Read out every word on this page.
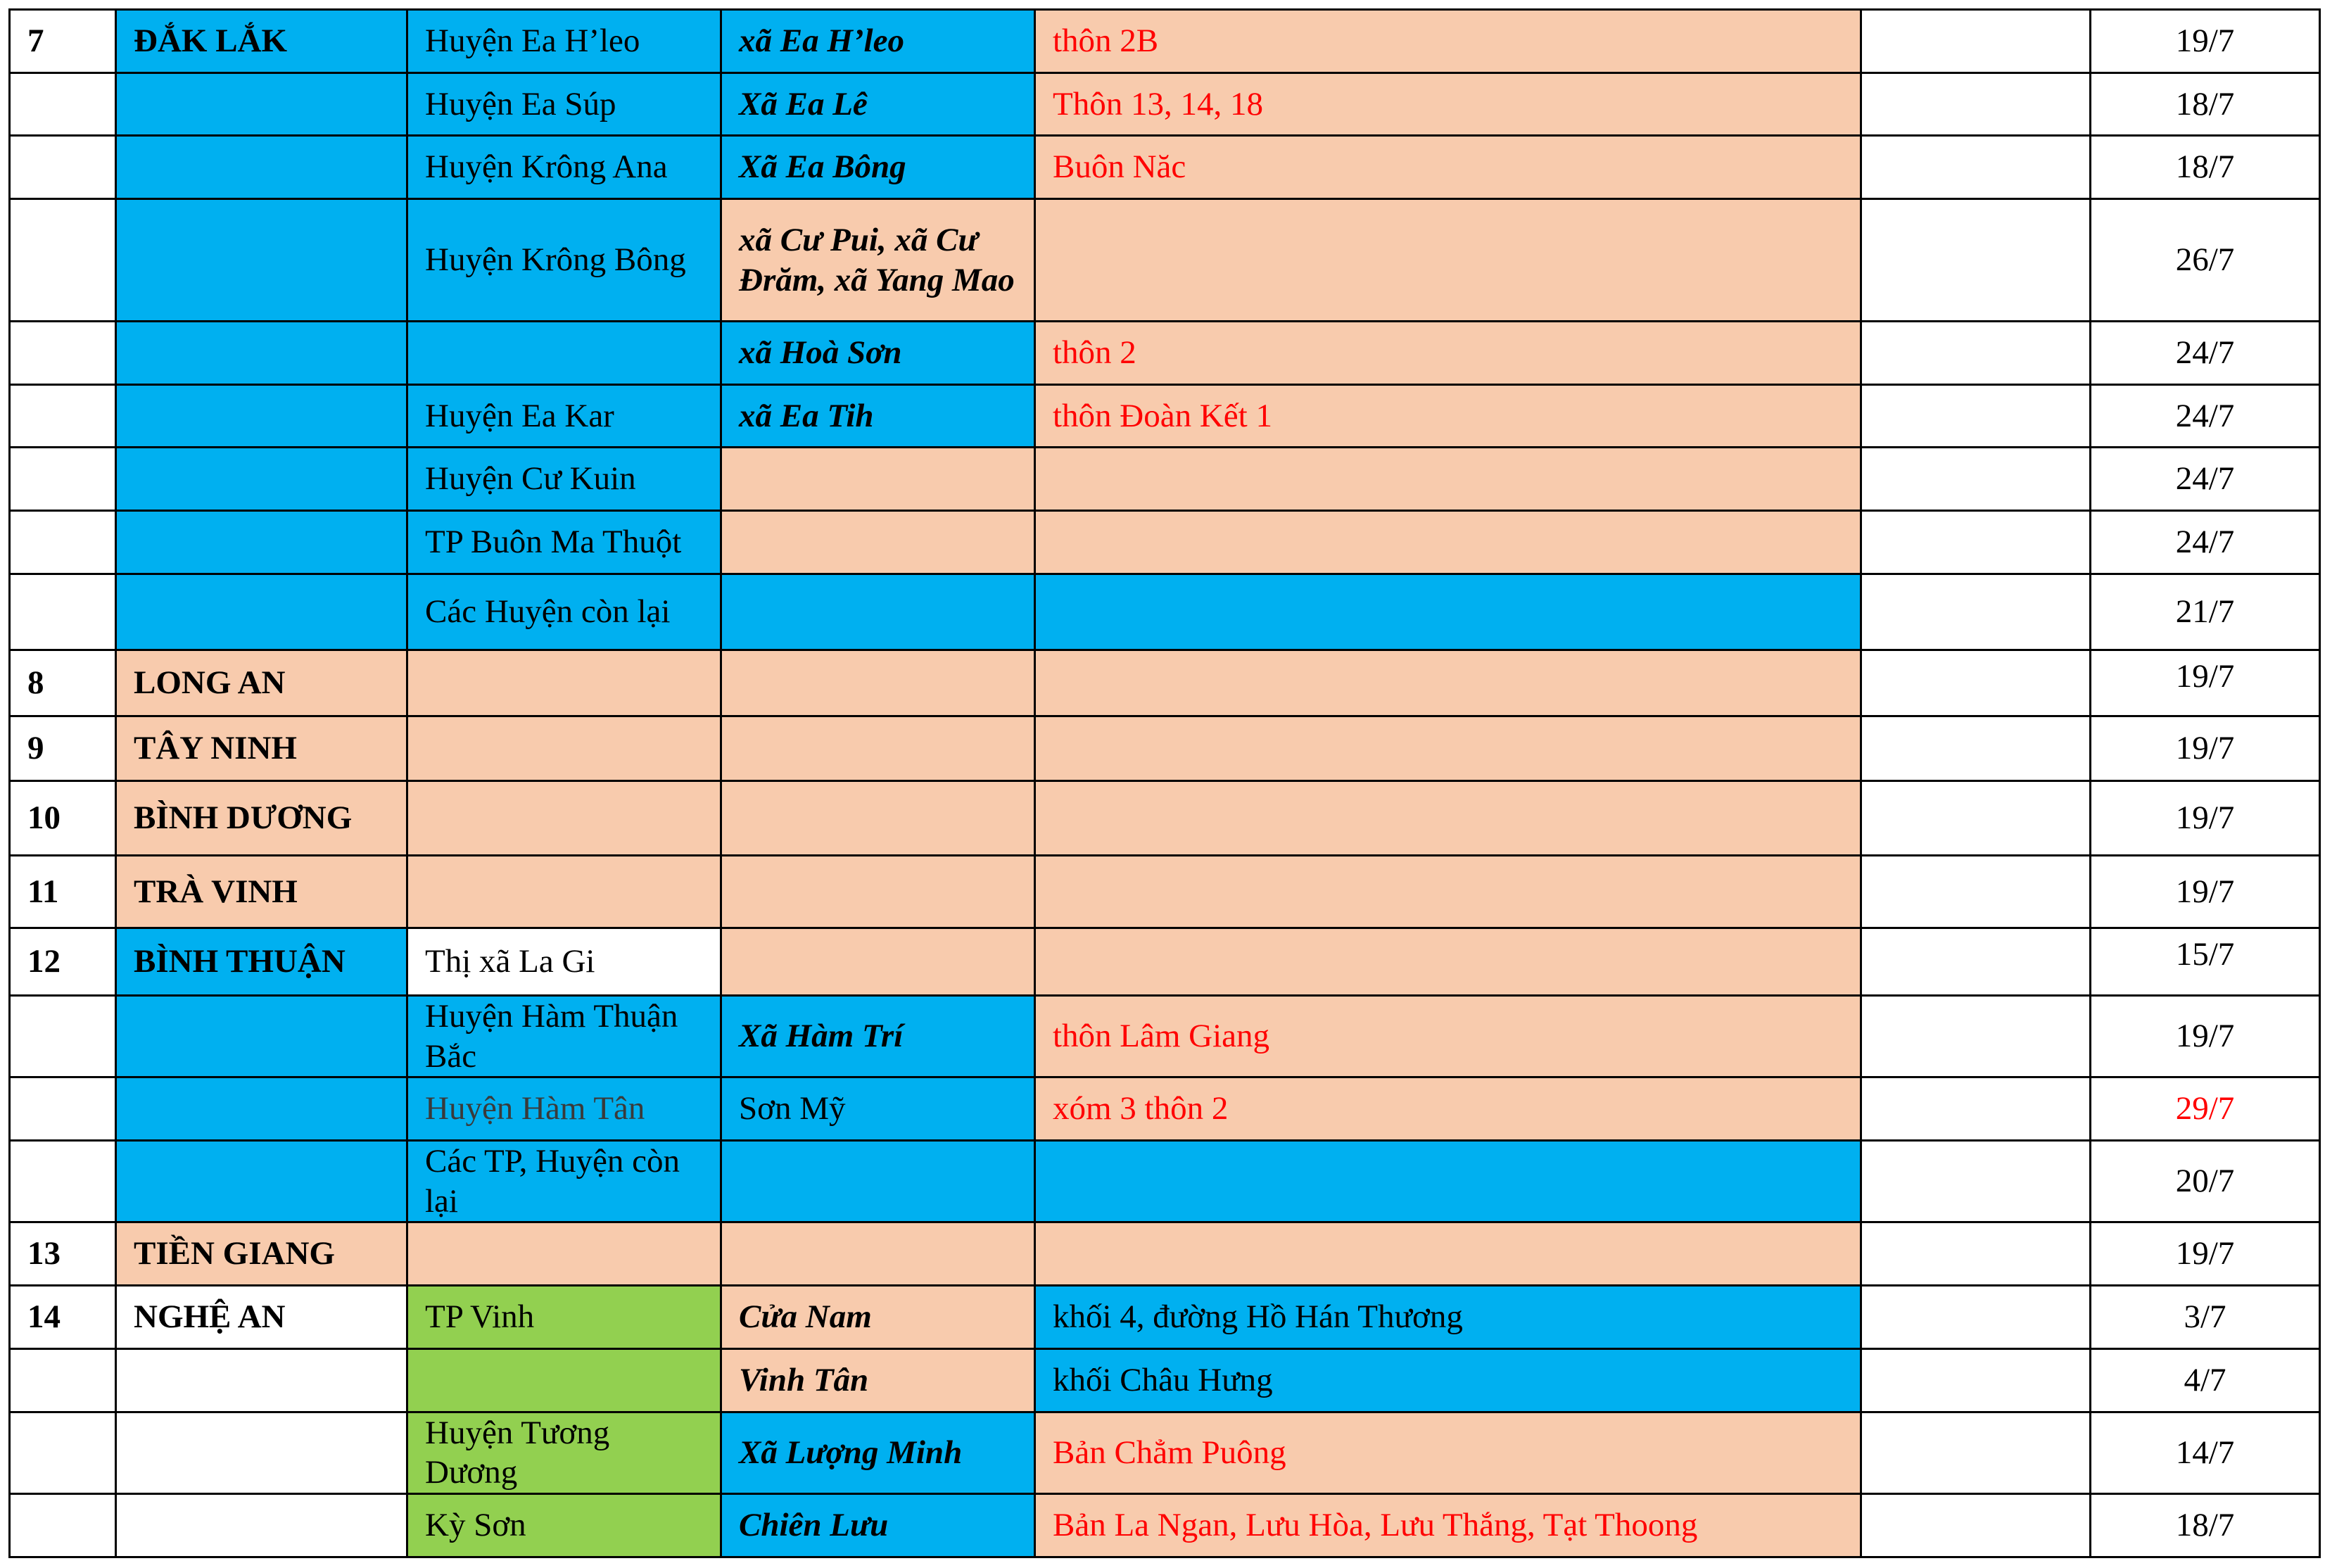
7	ĐẮK LẮK	Huyện Ea H’leo	xã Ea H’leo	thôn 2B		19/7
		Huyện Ea Súp	Xã Ea Lê	Thôn 13, 14, 18		18/7
		Huyện Krông Ana	Xã Ea Bông	Buôn Năc		18/7
		Huyện Krông Bông	xã Cư Pui, xã Cư Đrăm, xã Yang Mao			26/7
			xã Hoà Sơn	thôn 2		24/7
		Huyện Ea Kar	xã Ea Tih	thôn Đoàn Kết 1		24/7
		Huyện Cư Kuin				24/7
		TP Buôn Ma Thuột				24/7
		Các Huyện còn lại				21/7
8	LONG AN					19/7
9	TÂY NINH					19/7
10	BÌNH DƯƠNG					19/7
11	TRÀ VINH					19/7
12	BÌNH THUẬN	Thị xã La Gi				15/7
		Huyện Hàm Thuận Bắc	Xã Hàm Trí	thôn Lâm Giang		19/7
		Huyện Hàm Tân	Sơn Mỹ	xóm 3 thôn 2		29/7
		Các TP, Huyện còn lại				20/7
13	TIỀN GIANG					19/7
14	NGHỆ AN	TP Vinh	Cửa Nam	khối 4, đường Hồ Hán Thương		3/7
			Vinh Tân	khối Châu Hưng		4/7
		Huyện Tương Dương	Xã Lượng Minh	Bản Chẳm Puông		14/7
		Kỳ Sơn	Chiên Lưu	Bản La Ngan, Lưu Hòa, Lưu Thắng, Tạt Thoong		18/7
